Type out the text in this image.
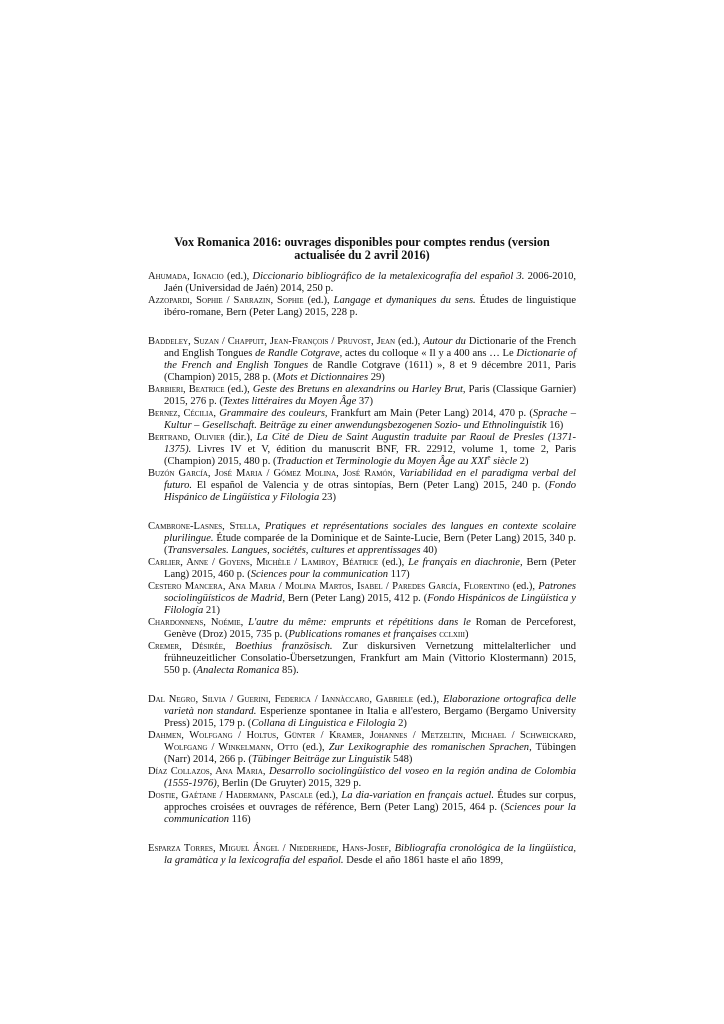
Vox Romanica 2016: ouvrages disponibles pour comptes rendus (version actualisée du 2 avril 2016)

Ahumada, Ignacio (ed.), Diccionario bibliográfico de la metalexicografía del español 3. 2006-2010, Jaén (Universidad de Jaén) 2014, 250 p.

Azzopardi, Sophie / Sarrazin, Sophie (ed.), Langage et dymaniques du sens. Études de linguistique ibéro-romane, Bern (Peter Lang) 2015, 228 p.

Baddeley, Suzan / Chappuit, Jean-François / Pruvost, Jean (ed.), Autour du Dictionarie of the French and English Tongues de Randle Cotgrave, actes du colloque « Il y a 400 ans … Le Dictionarie of the French and English Tongues de Randle Cotgrave (1611) », 8 et 9 décembre 2011, Paris (Champion) 2015, 288 p. (Mots et Dictionnaires 29)

Barbieri, Beatrice (ed.), Geste des Bretuns en alexandrins ou Harley Brut, Paris (Classique Garnier) 2015, 276 p. (Textes littéraires du Moyen Âge 37)

Bernez, Cécilia, Grammaire des couleurs, Frankfurt am Main (Peter Lang) 2014, 470 p. (Sprache – Kultur – Gesellschaft. Beiträge zu einer anwendungsbezogenen Sozio- und Ethnolinguistik 16)

Bertrand, Olivier (dir.), La Cité de Dieu de Saint Augustin traduite par Raoul de Presles (1371-1375). Livres IV et V, édition du manuscrit BNF, FR. 22912, volume 1, tome 2, Paris (Champion) 2015, 480 p. (Traduction et Terminologie du Moyen Âge au XXIe siècle 2)

Buzón García, José Maria / Gómez Molina, José Ramón, Variabilidad en el paradigma verbal del futuro. El español de Valencia y de otras sintopías, Bern (Peter Lang) 2015, 240 p. (Fondo Hispánico de Lingüística y Filologia 23)

Cambrone-Lasnes, Stella, Pratiques et représentations sociales des langues en contexte scolaire plurilingue. Étude comparée de la Dominique et de Sainte-Lucie, Bern (Peter Lang) 2015, 340 p. (Transversales. Langues, sociétés, cultures et apprentissages 40)

Carlier, Anne / Goyens, Michèle / Lamiroy, Béatrice (ed.), Le français en diachronie, Bern (Peter Lang) 2015, 460 p. (Sciences pour la communication 117)

Cestero Mancera, Ana Maria / Molina Martos, Isabel / Paredes García, Florentino (ed.), Patrones sociolingüísticos de Madrid, Bern (Peter Lang) 2015, 412 p. (Fondo Hispánicos de Lingüística y Filología 21)

Chardonnens, Noémie, L'autre du même: emprunts et répétitions dans le Roman de Perceforest, Genève (Droz) 2015, 735 p. (Publications romanes et françaises cclxiii)

Cremer, Désirée, Boethius französisch. Zur diskursiven Vernetzung mittelalterlicher und frühneuzeitlicher Consolatio-Übersetzungen, Frankfurt am Main (Vittorio Klostermann) 2015, 550 p. (Analecta Romanica 85).

Dal Negro, Silvia / Guerini, Federica / Iannàccaro, Gabriele (ed.), Elaborazione ortografica delle varietà non standard. Esperienze spontanee in Italia e all'estero, Bergamo (Bergamo University Press) 2015, 179 p. (Collana di Linguistica e Filologia 2)

Dahmen, Wolfgang / Holtus, Günter / Kramer, Johannes / Metzeltin, Michael / Schweickard, Wolfgang / Winkelmann, Otto (ed.), Zur Lexikographie des romanischen Sprachen, Tübingen (Narr) 2014, 266 p. (Tübinger Beiträge zur Linguistik 548)

Díaz Collazos, Ana Maria, Desarrollo sociolingüístico del voseo en la región andina de Colombia (1555-1976), Berlin (De Gruyter) 2015, 329 p.

Dostie, Gaétane / Hadermann, Pascale (ed.), La dia-variation en français actuel. Études sur corpus, approches croisées et ouvrages de référence, Bern (Peter Lang) 2015, 464 p. (Sciences pour la communication 116)

Esparza Torres, Miguel Ángel / Niederhede, Hans-Josef, Bibliografía cronológica de la lingüística, la gramàtica y la lexicografía del español. Desde el año 1861 haste el año 1899,
